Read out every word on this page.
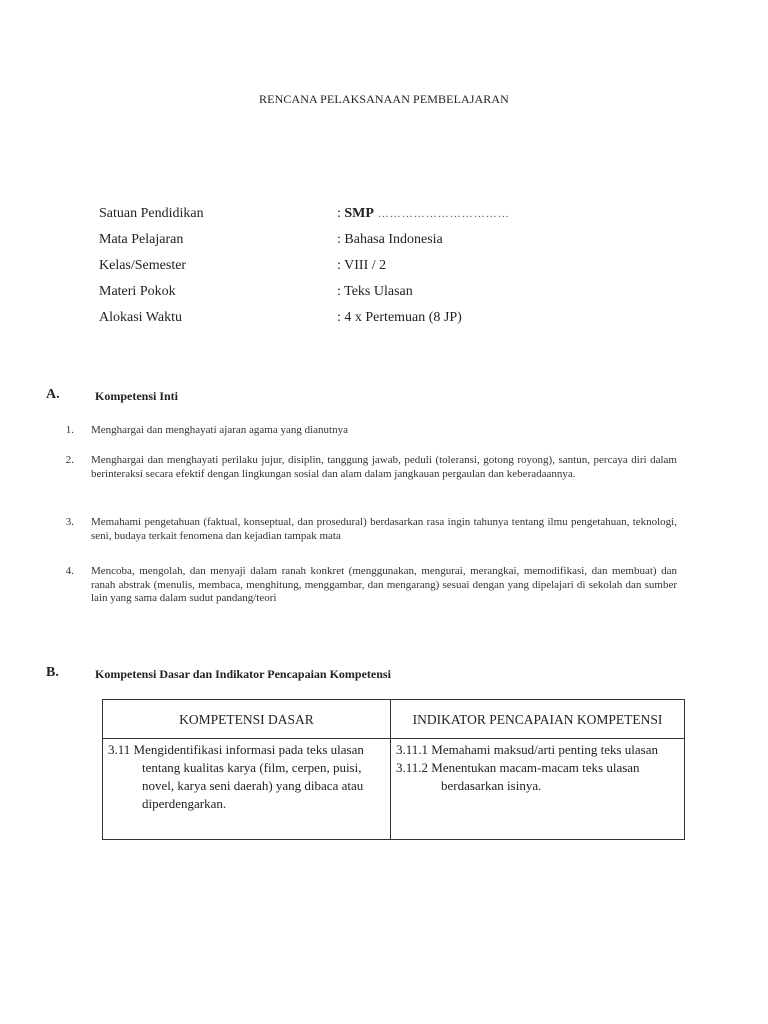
RENCANA PELAKSANAAN PEMBELAJARAN
Satuan Pendidikan	: SMP ……………………………
Mata Pelajaran	: Bahasa Indonesia
Kelas/Semester	: VIII / 2
Materi Pokok	: Teks Ulasan
Alokasi Waktu	: 4 x Pertemuan (8 JP)
A.	Kompetensi Inti
1. Menghargai dan menghayati ajaran agama yang dianutnya
2. Menghargai dan menghayati perilaku jujur, disiplin, tanggung jawab, peduli (toleransi, gotong royong), santun, percaya diri dalam berinteraksi secara efektif dengan lingkungan sosial dan alam dalam jangkauan pergaulan dan keberadaannya.
3. Memahami pengetahuan (faktual, konseptual, dan prosedural) berdasarkan rasa ingin tahunya tentang ilmu pengetahuan, teknologi, seni, budaya terkait fenomena dan kejadian tampak mata
4. Mencoba, mengolah, dan menyaji dalam ranah konkret (menggunakan, mengurai, merangkai, memodifikasi, dan membuat) dan ranah abstrak (menulis, membaca, menghitung, menggambar, dan mengarang) sesuai dengan yang dipelajari di sekolah dan sumber lain yang sama dalam sudut pandang/teori
B.	Kompetensi Dasar dan Indikator Pencapaian Kompetensi
KOMPETENSI DASAR	INDIKATOR PENCAPAIAN KOMPETENSI

3.11 Mengidentifikasi informasi pada teks ulasan tentang kualitas karya (film, cerpen, puisi, novel, karya seni daerah) yang dibaca atau diperdengarkan.	3.11.1 Memahami maksud/arti penting teks ulasan
3.11.2 Menentukan macam-macam teks ulasan berdasarkan isinya.
